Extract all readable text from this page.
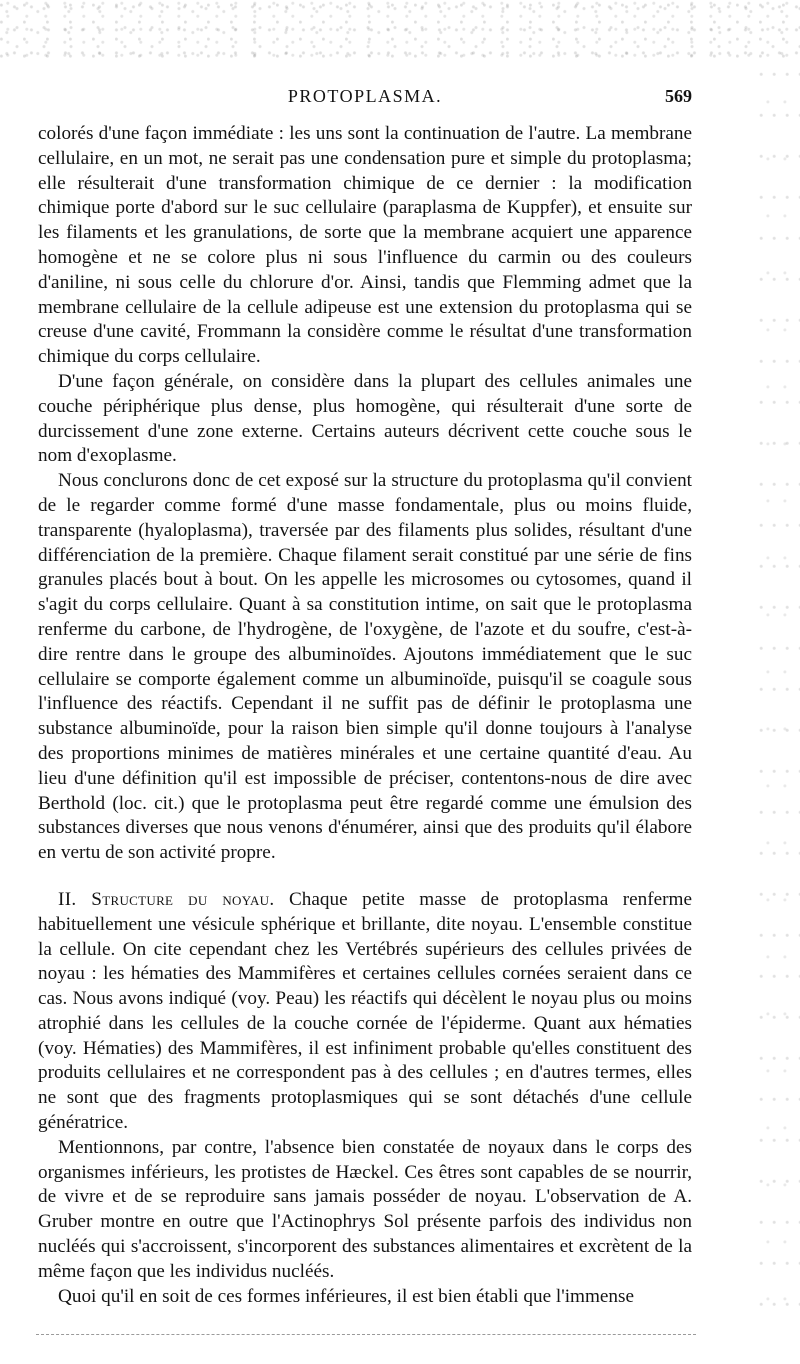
PROTOPLASMA.	569

colorés d'une façon immédiate : les uns sont la continuation de l'autre. La membrane cellulaire, en un mot, ne serait pas une condensation pure et simple du protoplasma; elle résulterait d'une transformation chimique de ce dernier : la modification chimique porte d'abord sur le suc cellulaire (paraplasma de Kuppfer), et ensuite sur les filaments et les granulations, de sorte que la membrane acquiert une apparence homogène et ne se colore plus ni sous l'influence du carmin ou des couleurs d'aniline, ni sous celle du chlorure d'or. Ainsi, tandis que Flemming admet que la membrane cellulaire de la cellule adipeuse est une extension du protoplasma qui se creuse d'une cavité, Frommann la considère comme le résultat d'une transformation chimique du corps cellulaire.

D'une façon générale, on considère dans la plupart des cellules animales une couche périphérique plus dense, plus homogène, qui résulterait d'une sorte de durcissement d'une zone externe. Certains auteurs décrivent cette couche sous le nom d'exoplasme.

Nous conclurons donc de cet exposé sur la structure du protoplasma qu'il convient de le regarder comme formé d'une masse fondamentale, plus ou moins fluide, transparente (hyaloplasma), traversée par des filaments plus solides, résultant d'une différenciation de la première. Chaque filament serait constitué par une série de fins granules placés bout à bout. On les appelle les microsomes ou cytosomes, quand il s'agit du corps cellulaire. Quant à sa constitution intime, on sait que le protoplasma renferme du carbone, de l'hydrogène, de l'oxygène, de l'azote et du soufre, c'est-à-dire rentre dans le groupe des albuminoïdes. Ajoutons immédiatement que le suc cellulaire se comporte également comme un albuminoïde, puisqu'il se coagule sous l'influence des réactifs. Cependant il ne suffit pas de définir le protoplasma une substance albuminoïde, pour la raison bien simple qu'il donne toujours à l'analyse des proportions minimes de matières minérales et une certaine quantité d'eau. Au lieu d'une définition qu'il est impossible de préciser, contentons-nous de dire avec Berthold (loc. cit.) que le protoplasma peut être regardé comme une émulsion des substances diverses que nous venons d'énumérer, ainsi que des produits qu'il élabore en vertu de son activité propre.

II. Structure du noyau. Chaque petite masse de protoplasma renferme habituellement une vésicule sphérique et brillante, dite noyau. L'ensemble constitue la cellule. On cite cependant chez les Vertébrés supérieurs des cellules privées de noyau : les hématies des Mammifères et certaines cellules cornées seraient dans ce cas. Nous avons indiqué (voy. Peau) les réactifs qui décèlent le noyau plus ou moins atrophié dans les cellules de la couche cornée de l'épiderme. Quant aux hématies (voy. Hématies) des Mammifères, il est infiniment probable qu'elles constituent des produits cellulaires et ne correspondent pas à des cellules ; en d'autres termes, elles ne sont que des fragments protoplasmiques qui se sont détachés d'une cellule génératrice.

Mentionnons, par contre, l'absence bien constatée de noyaux dans le corps des organismes inférieurs, les protistes de Hæckel. Ces êtres sont capables de se nourrir, de vivre et de se reproduire sans jamais posséder de noyau. L'observation de A. Gruber montre en outre que l'Actinophrys Sol présente parfois des individus non nucléés qui s'accroissent, s'incorporent des substances alimentaires et excrètent de la même façon que les individus nucléés.

Quoi qu'il en soit de ces formes inférieures, il est bien établi que l'immense
